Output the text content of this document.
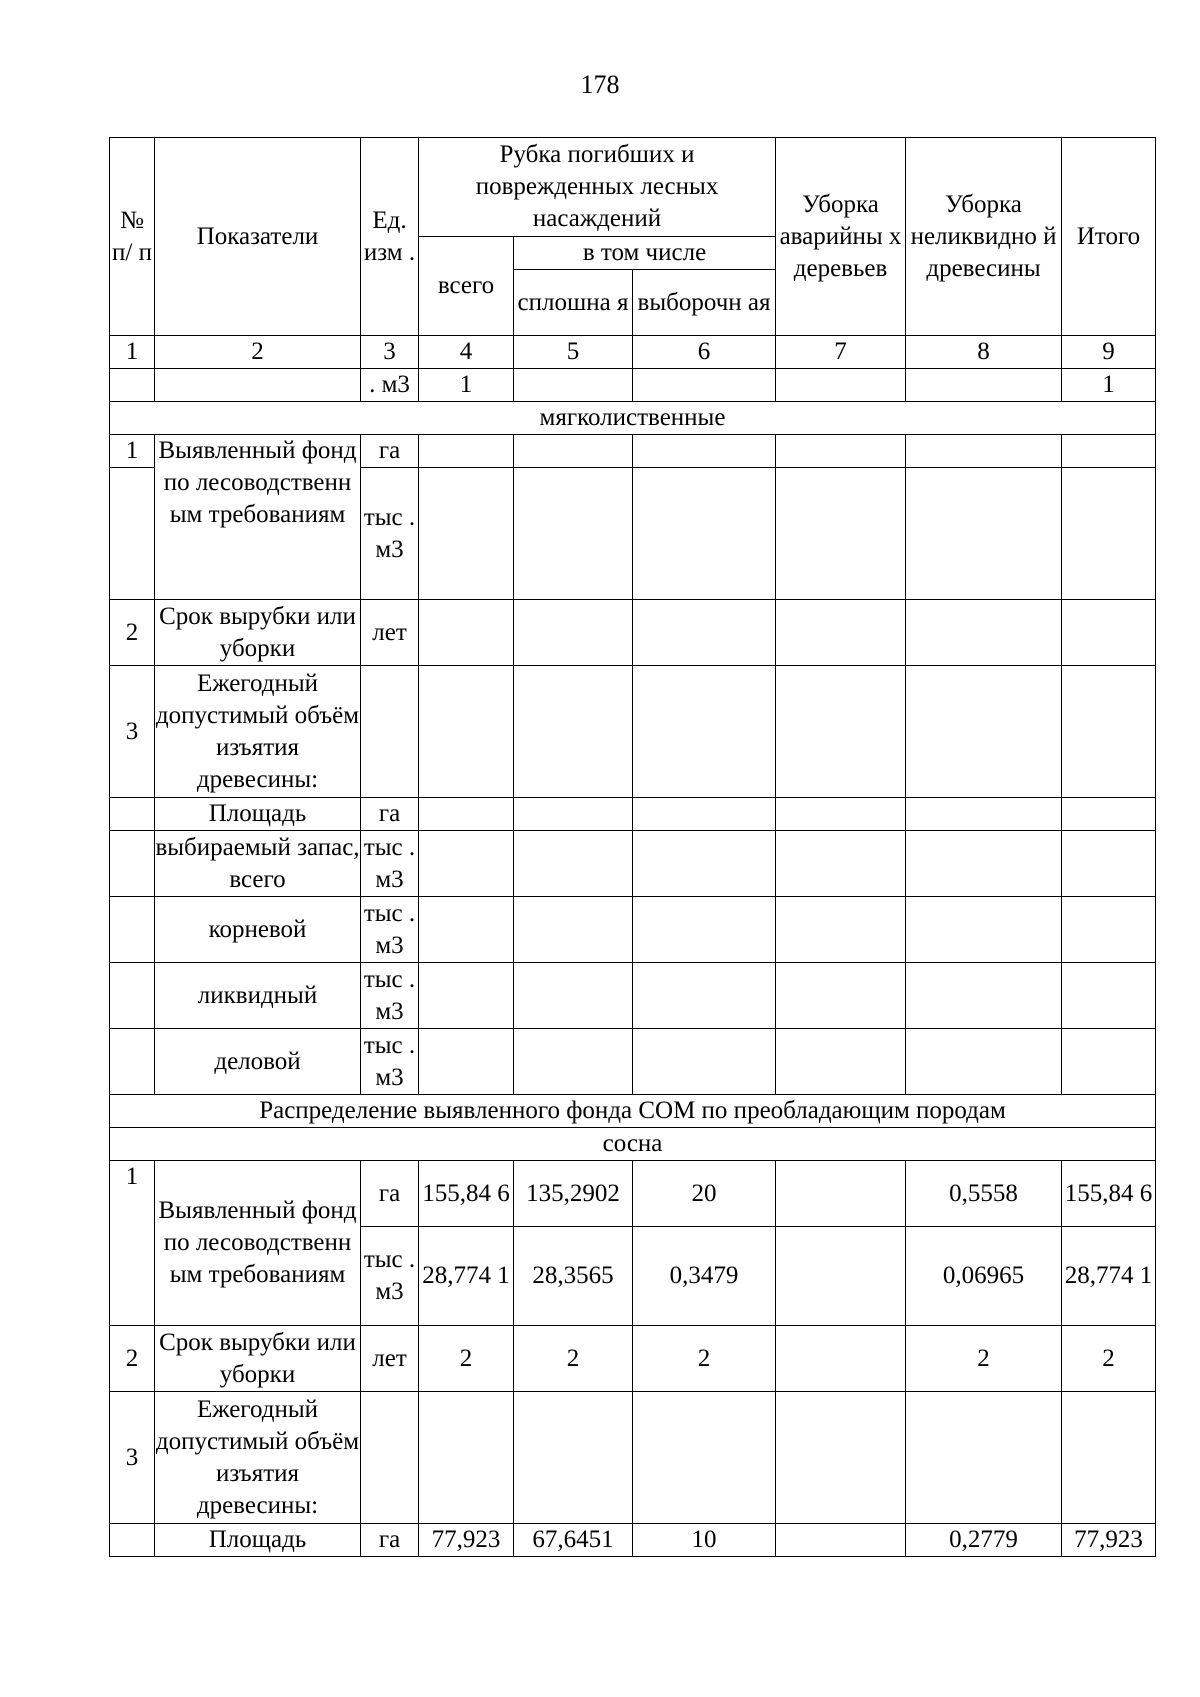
178
№ п/ п	Показатели	Ед. изм .	Рубка погибших и поврежденных лесных насаждений			Уборка аварийны х деревьев	Уборка неликвидно й древесины	Итого
			всего	в том числе				
				сплошна я	выборочн ая			
1	2	3	4	5	6	7	8	9
		. м3	1					1
мягколиственные								
1	Выявленный фонд по лесоводственн ым требованиям	га						
		тыс . м3						
2	Срок вырубки или уборки	лет						
3	Ежегодный допустимый объём изъятия древесины:							
	Площадь	га						
	выбираемый запас, всего	тыс . м3						
	корневой	тыс . м3						
	ликвидный	тыс . м3						
	деловой	тыс . м3						
Распределение выявленного фонда СОМ по преобладающим породам								
сосна								
1	Выявленный фонд по лесоводственн ым требованиям	га	155,84 6	135,2902	20		0,5558	155,84 6
		тыс . м3	28,774 1	28,3565	0,3479		0,06965	28,774 1
2	Срок вырубки или уборки	лет	2	2	2		2	2
3	Ежегодный допустимый объём изъятия древесины:							
	Площадь	га	77,923	67,6451	10		0,2779	77,923
